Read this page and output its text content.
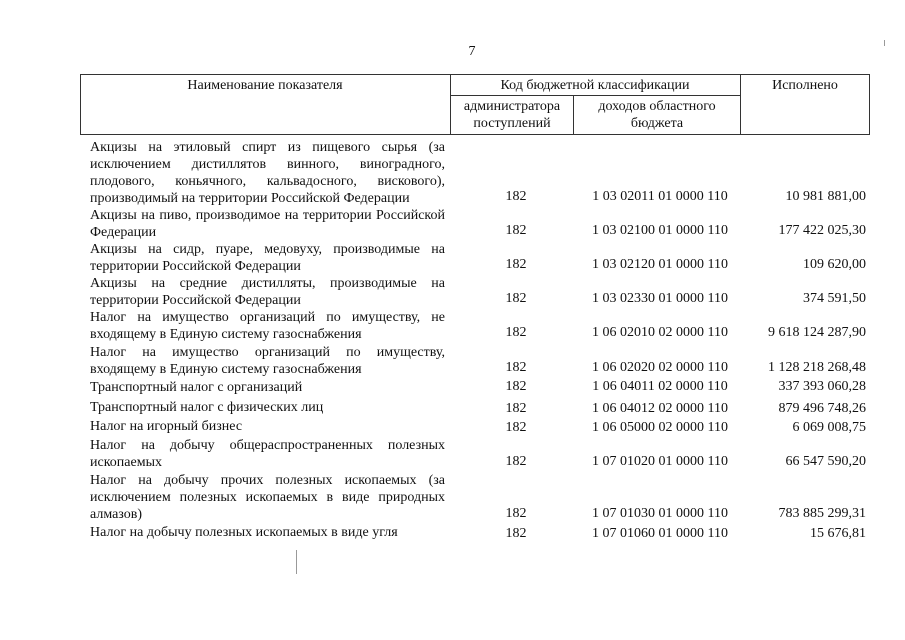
7
Наименование показателя	Код бюджетной классификации
администратора поступлений
доходов областного бюджета
Исполнено
Акцизы на этиловый спирт из пищевого сырья (за исключением дистиллятов винного, виноградного, плодового, коньячного, кальвадосного, вискового), производимый на территории Российской Федерации	182	1 03 02011 01 0000 110	10 981 881,00
Акцизы на пиво, производимое на территории Российской Федерации	182	1 03 02100 01 0000 110	177 422 025,30
Акцизы на сидр, пуаре, медовуху, производимые на территории Российской Федерации	182	1 03 02120 01 0000 110	109 620,00
Акцизы на средние дистилляты, производимые на территории Российской Федерации	182	1 03 02330 01 0000 110	374 591,50
Налог на имущество организаций по имуществу, не входящему в Единую систему газоснабжения	182	1 06 02010 02 0000 110	9 618 124 287,90
Налог на имущество организаций по имуществу, входящему в Единую систему газоснабжения	182	1 06 02020 02 0000 110	1 128 218 268,48
Транспортный налог с организаций	182	1 06 04011 02 0000 110	337 393 060,28
Транспортный налог с физических лиц	182	1 06 04012 02 0000 110	879 496 748,26
Налог на игорный бизнес	182	1 06 05000 02 0000 110	6 069 008,75
Налог на добычу общераспространенных полезных ископаемых	182	1 07 01020 01 0000 110	66 547 590,20
Налог на добычу прочих полезных ископаемых (за исключением полезных ископаемых в виде природных алмазов)	182	1 07 01030 01 0000 110	783 885 299,31
Налог на добычу полезных ископаемых в виде угля	182	1 07 01060 01 0000 110	15 676,81
